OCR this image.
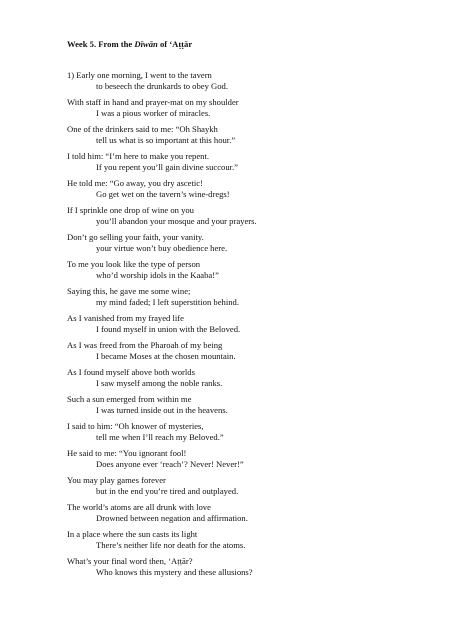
Week 5. From the Dīwān of ‘Aṭṭār
1) Early one morning, I went to the tavern
to beseech the drunkards to obey God.
With staff in hand and prayer-mat on my shoulder
I was a pious worker of miracles.
One of the drinkers said to me: “Oh Shaykh
tell us what is so important at this hour.”
I told him: “I’m here to make you repent.
If you repent you’ll gain divine succour.”
He told me: “Go away, you dry ascetic!
Go get wet on the tavern’s wine-dregs!
If I sprinkle one drop of wine on you
you’ll abandon your mosque and your prayers.
Don’t go selling your faith, your vanity.
your virtue won’t buy obedience here.
To me you look like the type of person
who’d worship idols in the Kaaba!”
Saying this, he gave me some wine;
my mind faded; I left superstition behind.
As I vanished from my frayed life
I found myself in union with the Beloved.
As I was freed from the Pharoah of my being
I became Moses at the chosen mountain.
As I found myself above both worlds
I saw myself among the noble ranks.
Such a sun emerged from within me
I was turned inside out in the heavens.
I said to him: “Oh knower of mysteries,
tell me when I’ll reach my Beloved.”
He said to me: “You ignorant fool!
Does anyone ever ‘reach’? Never! Never!”
You may play games forever
but in the end you’re tired and outplayed.
The world’s atoms are all drunk with love
Drowned between negation and affirmation.
In a place where the sun casts its light
There’s neither life nor death for the atoms.
What’s your final word then, ‘Aṭṭār?
Who knows this mystery and these allusions?
